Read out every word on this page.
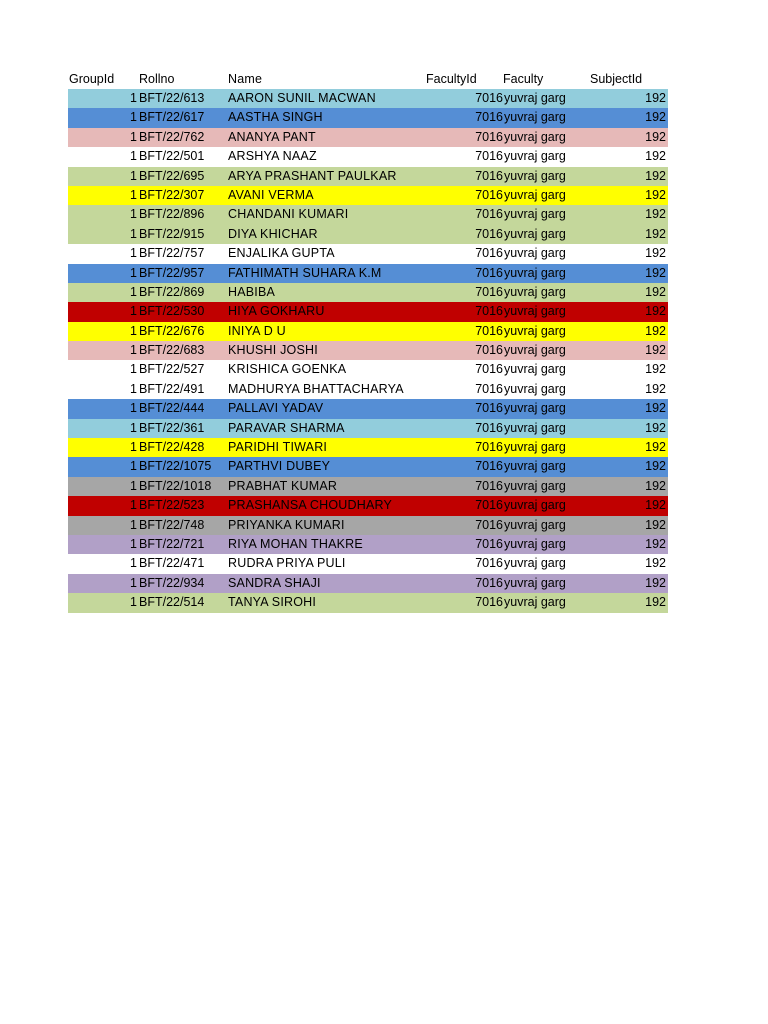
GroupId Rollno	Name	FacultyId Faculty	SubjectId
1 BFT/22/613 AARON SUNIL MACWAN	7016 yuvraj garg	192
1 BFT/22/617 AASTHA SINGH	7016 yuvraj garg	192
1 BFT/22/762 ANANYA PANT	7016 yuvraj garg	192
1 BFT/22/501 ARSHYA NAAZ	7016 yuvraj garg	192
1 BFT/22/695 ARYA PRASHANT PAULKAR	7016 yuvraj garg	192
1 BFT/22/307 AVANI VERMA	7016 yuvraj garg	192
1 BFT/22/896 CHANDANI KUMARI	7016 yuvraj garg	192
1 BFT/22/915 DIYA KHICHAR	7016 yuvraj garg	192
1 BFT/22/757 ENJALIKA GUPTA	7016 yuvraj garg	192
1 BFT/22/957 FATHIMATH SUHARA K.M	7016 yuvraj garg	192
1 BFT/22/869 HABIBA	7016 yuvraj garg	192
1 BFT/22/530 HIYA GOKHARU	7016 yuvraj garg	192
1 BFT/22/676 INIYA D U	7016 yuvraj garg	192
1 BFT/22/683 KHUSHI JOSHI	7016 yuvraj garg	192
1 BFT/22/527 KRISHICA GOENKA	7016 yuvraj garg	192
1 BFT/22/491 MADHURYA BHATTACHARYA	7016 yuvraj garg	192
1 BFT/22/444 PALLAVI YADAV	7016 yuvraj garg	192
1 BFT/22/361 PARAVAR SHARMA	7016 yuvraj garg	192
1 BFT/22/428 PARIDHI TIWARI	7016 yuvraj garg	192
1 BFT/22/1075 PARTHVI DUBEY	7016 yuvraj garg	192
1 BFT/22/1018 PRABHAT KUMAR	7016 yuvraj garg	192
1 BFT/22/523 PRASHANSA CHOUDHARY	7016 yuvraj garg	192
1 BFT/22/748 PRIYANKA KUMARI	7016 yuvraj garg	192
1 BFT/22/721 RIYA MOHAN THAKRE	7016 yuvraj garg	192
1 BFT/22/471 RUDRA PRIYA PULI	7016 yuvraj garg	192
1 BFT/22/934 SANDRA SHAJI	7016 yuvraj garg	192
1 BFT/22/514 TANYA SIROHI	7016 yuvraj garg	192
